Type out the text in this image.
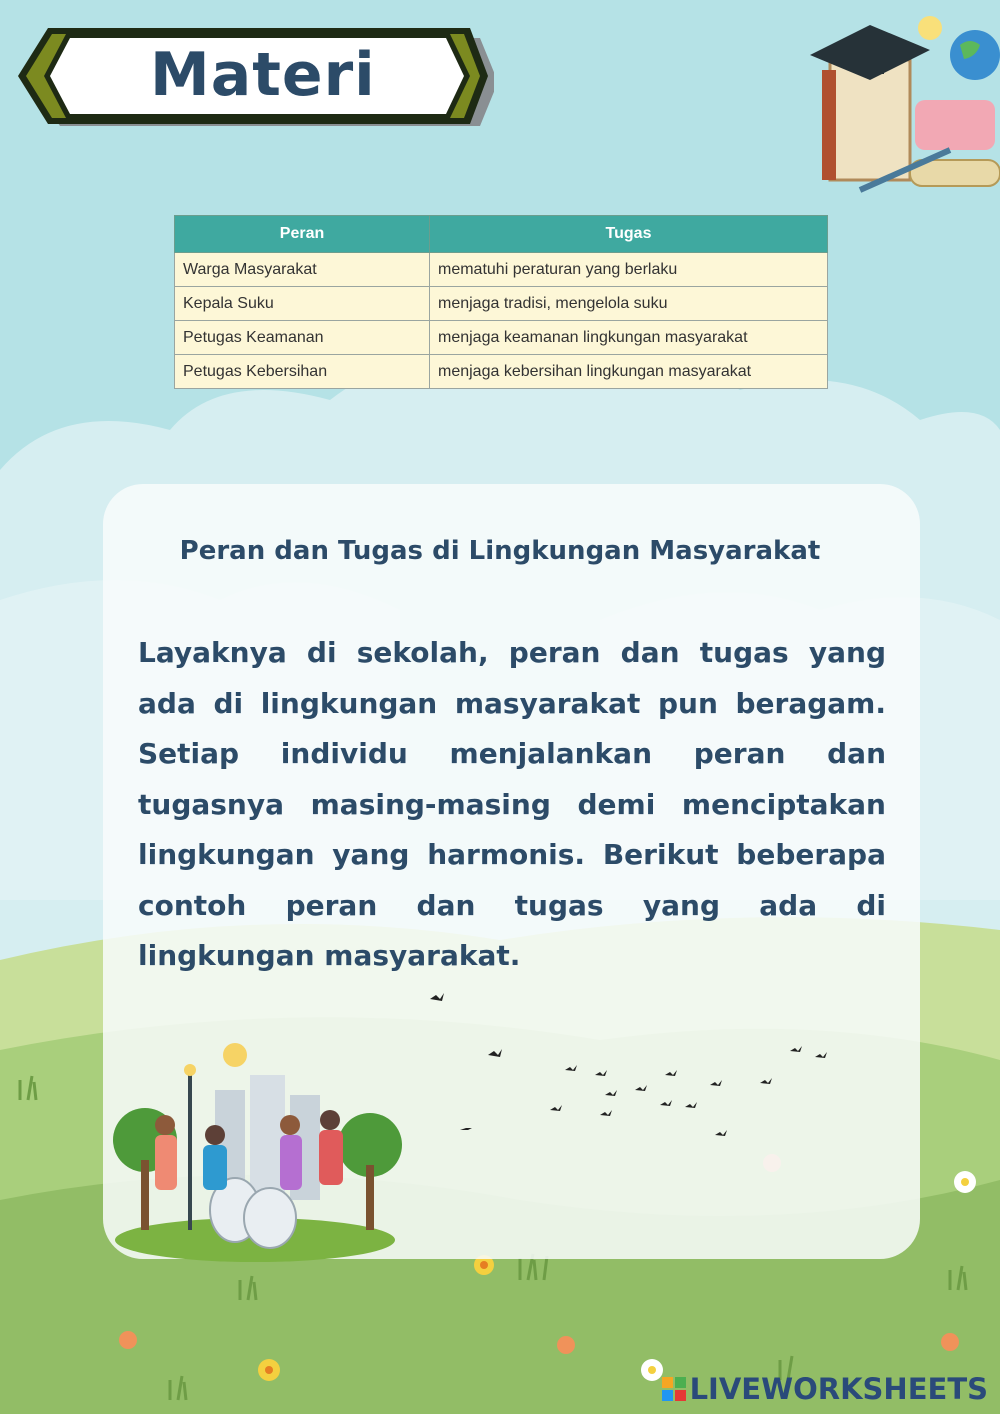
Materi
Peran	Tugas
Warga Masyarakat	mematuhi peraturan yang berlaku
Kepala Suku	menjaga tradisi, mengelola suku
Petugas Keamanan	menjaga keamanan lingkungan masyarakat
Petugas Kebersihan	menjaga kebersihan lingkungan masyarakat
Peran dan Tugas di Lingkungan Masyarakat
Layaknya di sekolah, peran dan tugas yang ada di lingkungan masyarakat pun beragam. Setiap individu menjalankan peran dan tugasnya masing-masing demi menciptakan lingkungan yang harmonis. Berikut beberapa contoh peran dan tugas yang ada di lingkungan masyarakat.
LIVEWORKSHEETS
